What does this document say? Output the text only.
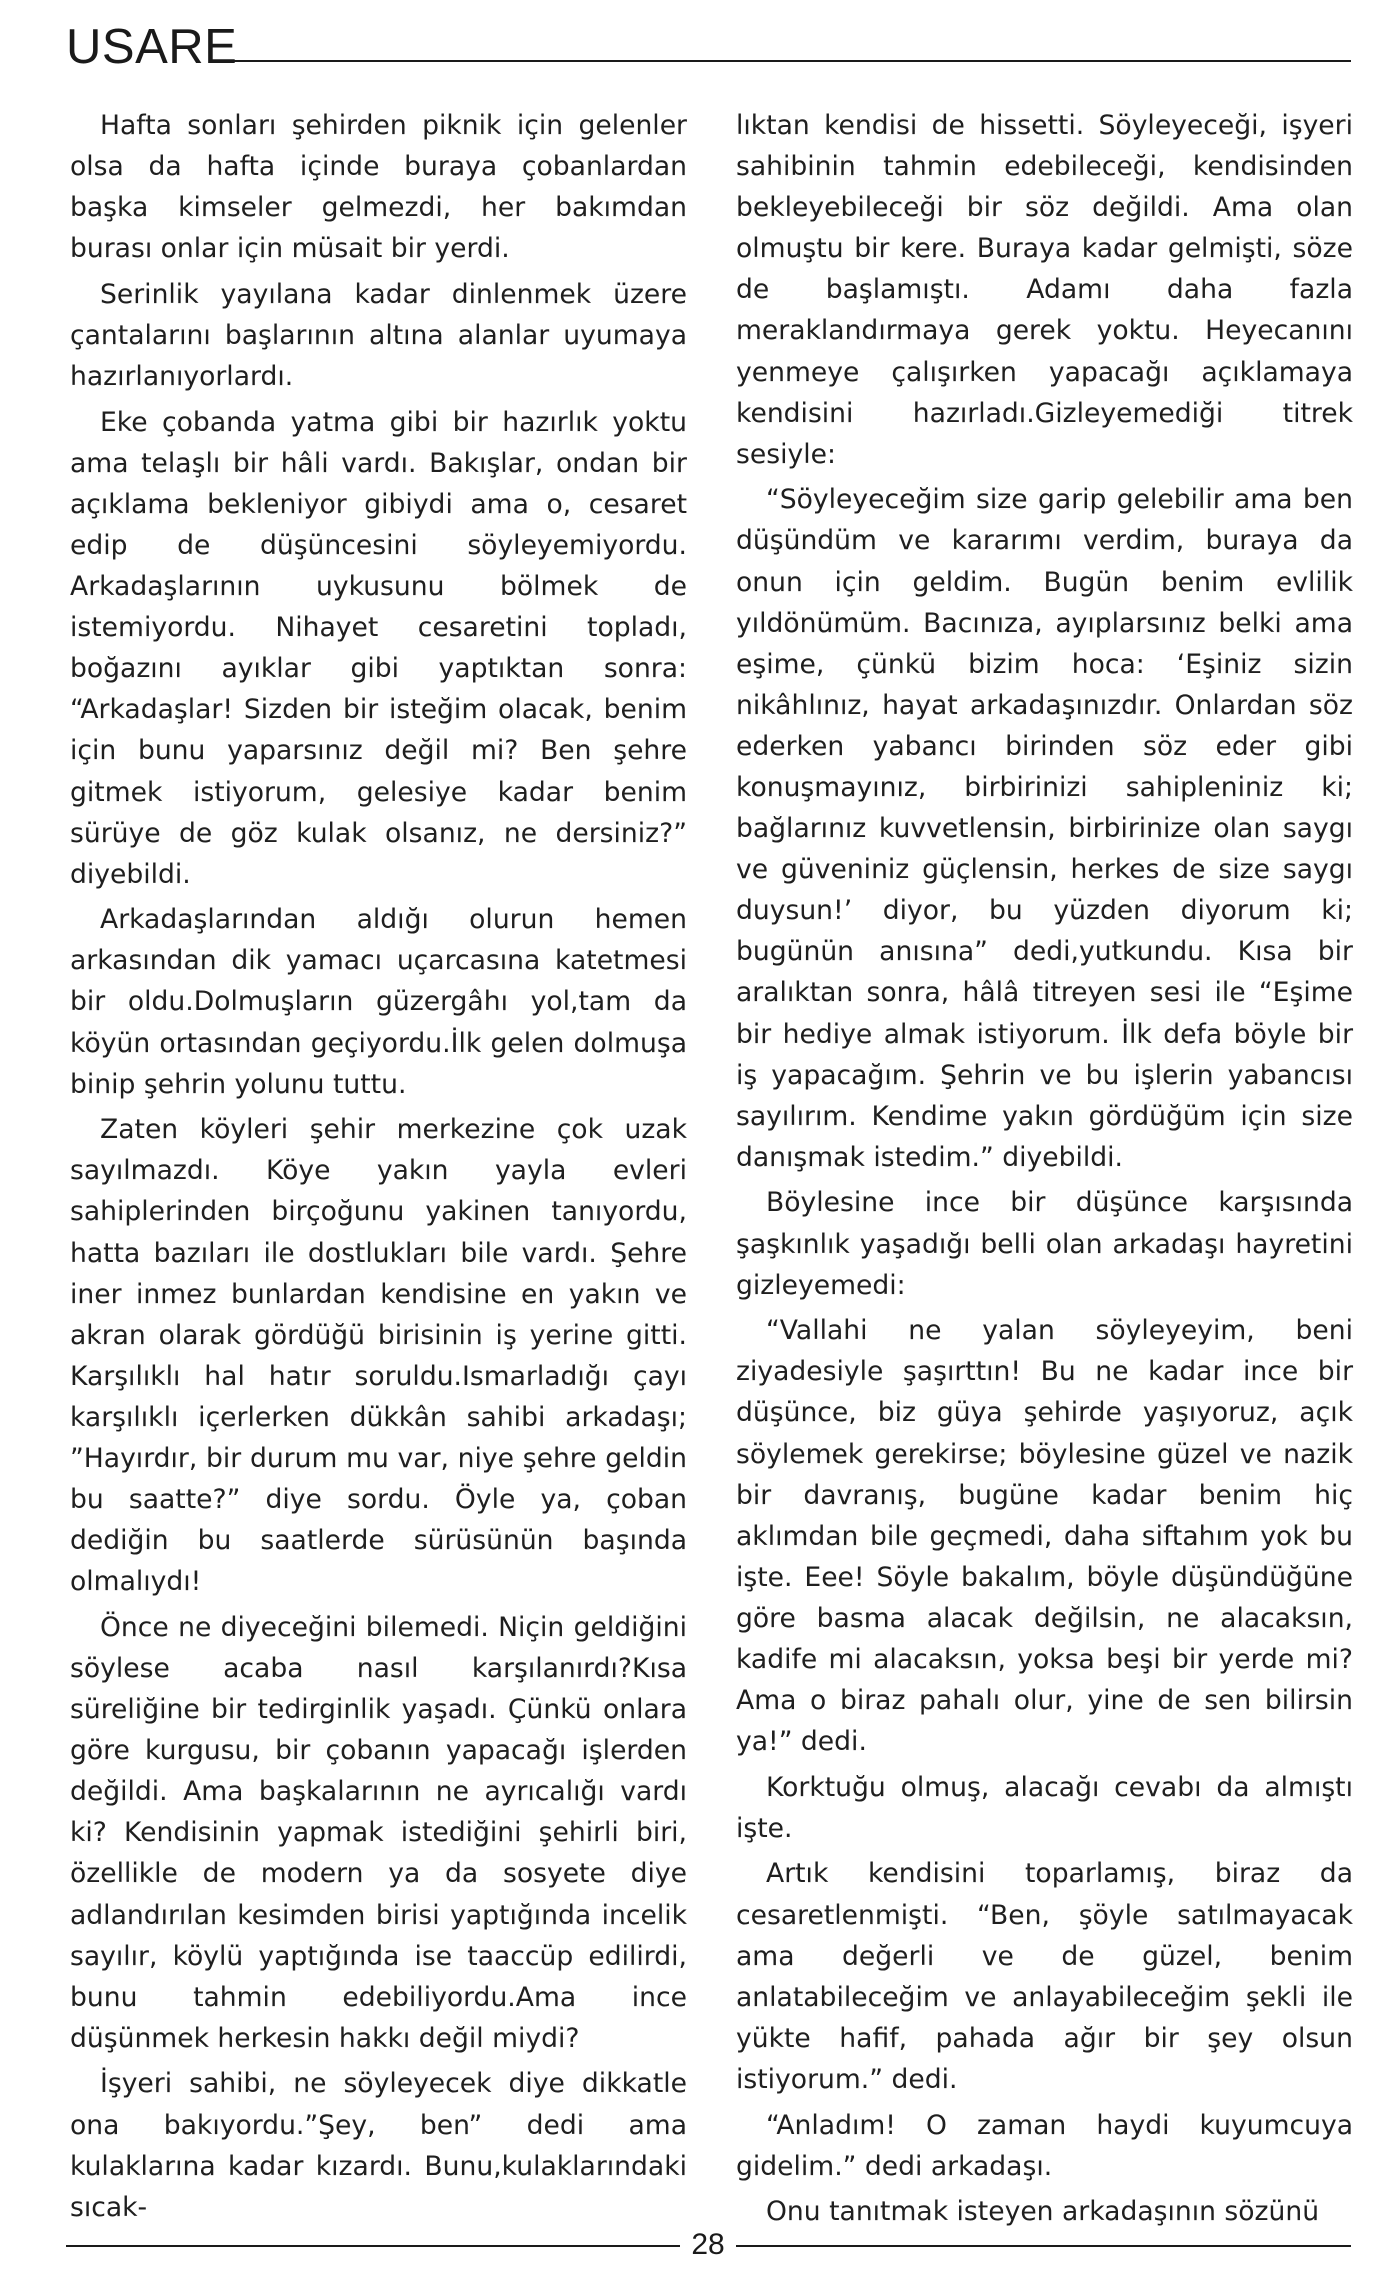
USARE

Hafta sonları şehirden piknik için gelenler olsa da hafta içinde buraya çobanlardan başka kimseler gelmezdi, her bakımdan burası onlar için müsait bir yerdi.

Serinlik yayılana kadar dinlenmek üzere çantalarını başlarının altına alanlar uyumaya hazırlanıyorlardı.

Eke çobanda yatma gibi bir hazırlık yoktu ama telaşlı bir hâli vardı. Bakışlar, ondan bir açıklama bekleniyor gibiydi ama o, cesaret edip de düşüncesini söyleyemiyordu. Arkadaşlarının uykusunu bölmek de istemiyordu. Nihayet cesaretini topladı, boğazını ayıklar gibi yaptıktan sonra: “Arkadaşlar! Sizden bir isteğim olacak, benim için bunu yaparsınız değil mi? Ben şehre gitmek istiyorum, gelesiye kadar benim sürüye de göz kulak olsanız, ne dersiniz?” diyebildi.

Arkadaşlarından aldığı olurun hemen arkasından dik yamacı uçarcasına katetmesi bir oldu.Dolmuşların güzergâhı yol,tam da köyün ortasından geçiyordu.İlk gelen dolmuşa binip şehrin yolunu tuttu.

Zaten köyleri şehir merkezine çok uzak sayılmazdı. Köye yakın yayla evleri sahiplerinden birçoğunu yakinen tanıyordu, hatta bazıları ile dostlukları bile vardı. Şehre iner inmez bunlardan kendisine en yakın ve akran olarak gördüğü birisinin iş yerine gitti. Karşılıklı hal hatır soruldu.Ismarladığı çayı karşılıklı içerlerken dükkân sahibi arkadaşı; ”Hayırdır, bir durum mu var, niye şehre geldin bu saatte?” diye sordu. Öyle ya, çoban dediğin bu saatlerde sürüsünün başında olmalıydı!

Önce ne diyeceğini bilemedi. Niçin geldiğini söylese acaba nasıl karşılanırdı?Kısa süreliğine bir tedirginlik yaşadı. Çünkü onlara göre kurgusu, bir çobanın yapacağı işlerden değildi. Ama başkalarının ne ayrıcalığı vardı ki? Kendisinin yapmak istediğini şehirli biri, özellikle de modern ya da sosyete diye adlandırılan kesimden birisi yaptığında incelik sayılır, köylü yaptığında ise taaccüp edilirdi, bunu tahmin edebiliyordu.Ama ince düşünmek herkesin hakkı değil miydi?

İşyeri sahibi, ne söyleyecek diye dikkatle ona bakıyordu.”Şey, ben” dedi ama kulaklarına kadar kızardı. Bunu,kulaklarındaki sıcak-

lıktan kendisi de hissetti. Söyleyeceği, işyeri sahibinin tahmin edebileceği, kendisinden bekleyebileceği bir söz değildi. Ama olan olmuştu bir kere. Buraya kadar gelmişti, söze de başlamıştı. Adamı daha fazla meraklandırmaya gerek yoktu. Heyecanını yenmeye çalışırken yapacağı açıklamaya kendisini hazırladı.Gizleyemediği titrek sesiyle:

“Söyleyeceğim size garip gelebilir ama ben düşündüm ve kararımı verdim, buraya da onun için geldim. Bugün benim evlilik yıldönümüm. Bacınıza, ayıplarsınız belki ama eşime, çünkü bizim hoca: ‘Eşiniz sizin nikâhlınız, hayat arkadaşınızdır. Onlardan söz ederken yabancı birinden söz eder gibi konuşmayınız, birbirinizi sahipleniniz ki; bağlarınız kuvvetlensin, birbirinize olan saygı ve güveniniz güçlensin, herkes de size saygı duysun!’ diyor, bu yüzden diyorum ki; bugünün anısına” dedi,yutkundu. Kısa bir aralıktan sonra, hâlâ titreyen sesi ile “Eşime bir hediye almak istiyorum. İlk defa böyle bir iş yapacağım. Şehrin ve bu işlerin yabancısı sayılırım. Kendime yakın gördüğüm için size danışmak istedim.” diyebildi.

Böylesine ince bir düşünce karşısında şaşkınlık yaşadığı belli olan arkadaşı hayretini gizleyemedi:

“Vallahi ne yalan söyleyeyim, beni ziyadesiyle şaşırttın! Bu ne kadar ince bir düşünce, biz güya şehirde yaşıyoruz, açık söylemek gerekirse; böylesine güzel ve nazik bir davranış, bugüne kadar benim hiç aklımdan bile geçmedi, daha siftahım yok bu işte. Eee! Söyle bakalım, böyle düşündüğüne göre basma alacak değilsin, ne alacaksın, kadife mi alacaksın, yoksa beşi bir yerde mi? Ama o biraz pahalı olur, yine de sen bilirsin ya!” dedi.

Korktuğu olmuş, alacağı cevabı da almıştı işte.

Artık kendisini toparlamış, biraz da cesaretlenmişti. “Ben, şöyle satılmayacak ama değerli ve de güzel, benim anlatabileceğim ve anlayabileceğim şekli ile yükte hafif, pahada ağır bir şey olsun istiyorum.” dedi.

“Anladım! O zaman haydi kuyumcuya gidelim.” dedi arkadaşı.

Onu tanıtmak isteyen arkadaşının sözünü

28
